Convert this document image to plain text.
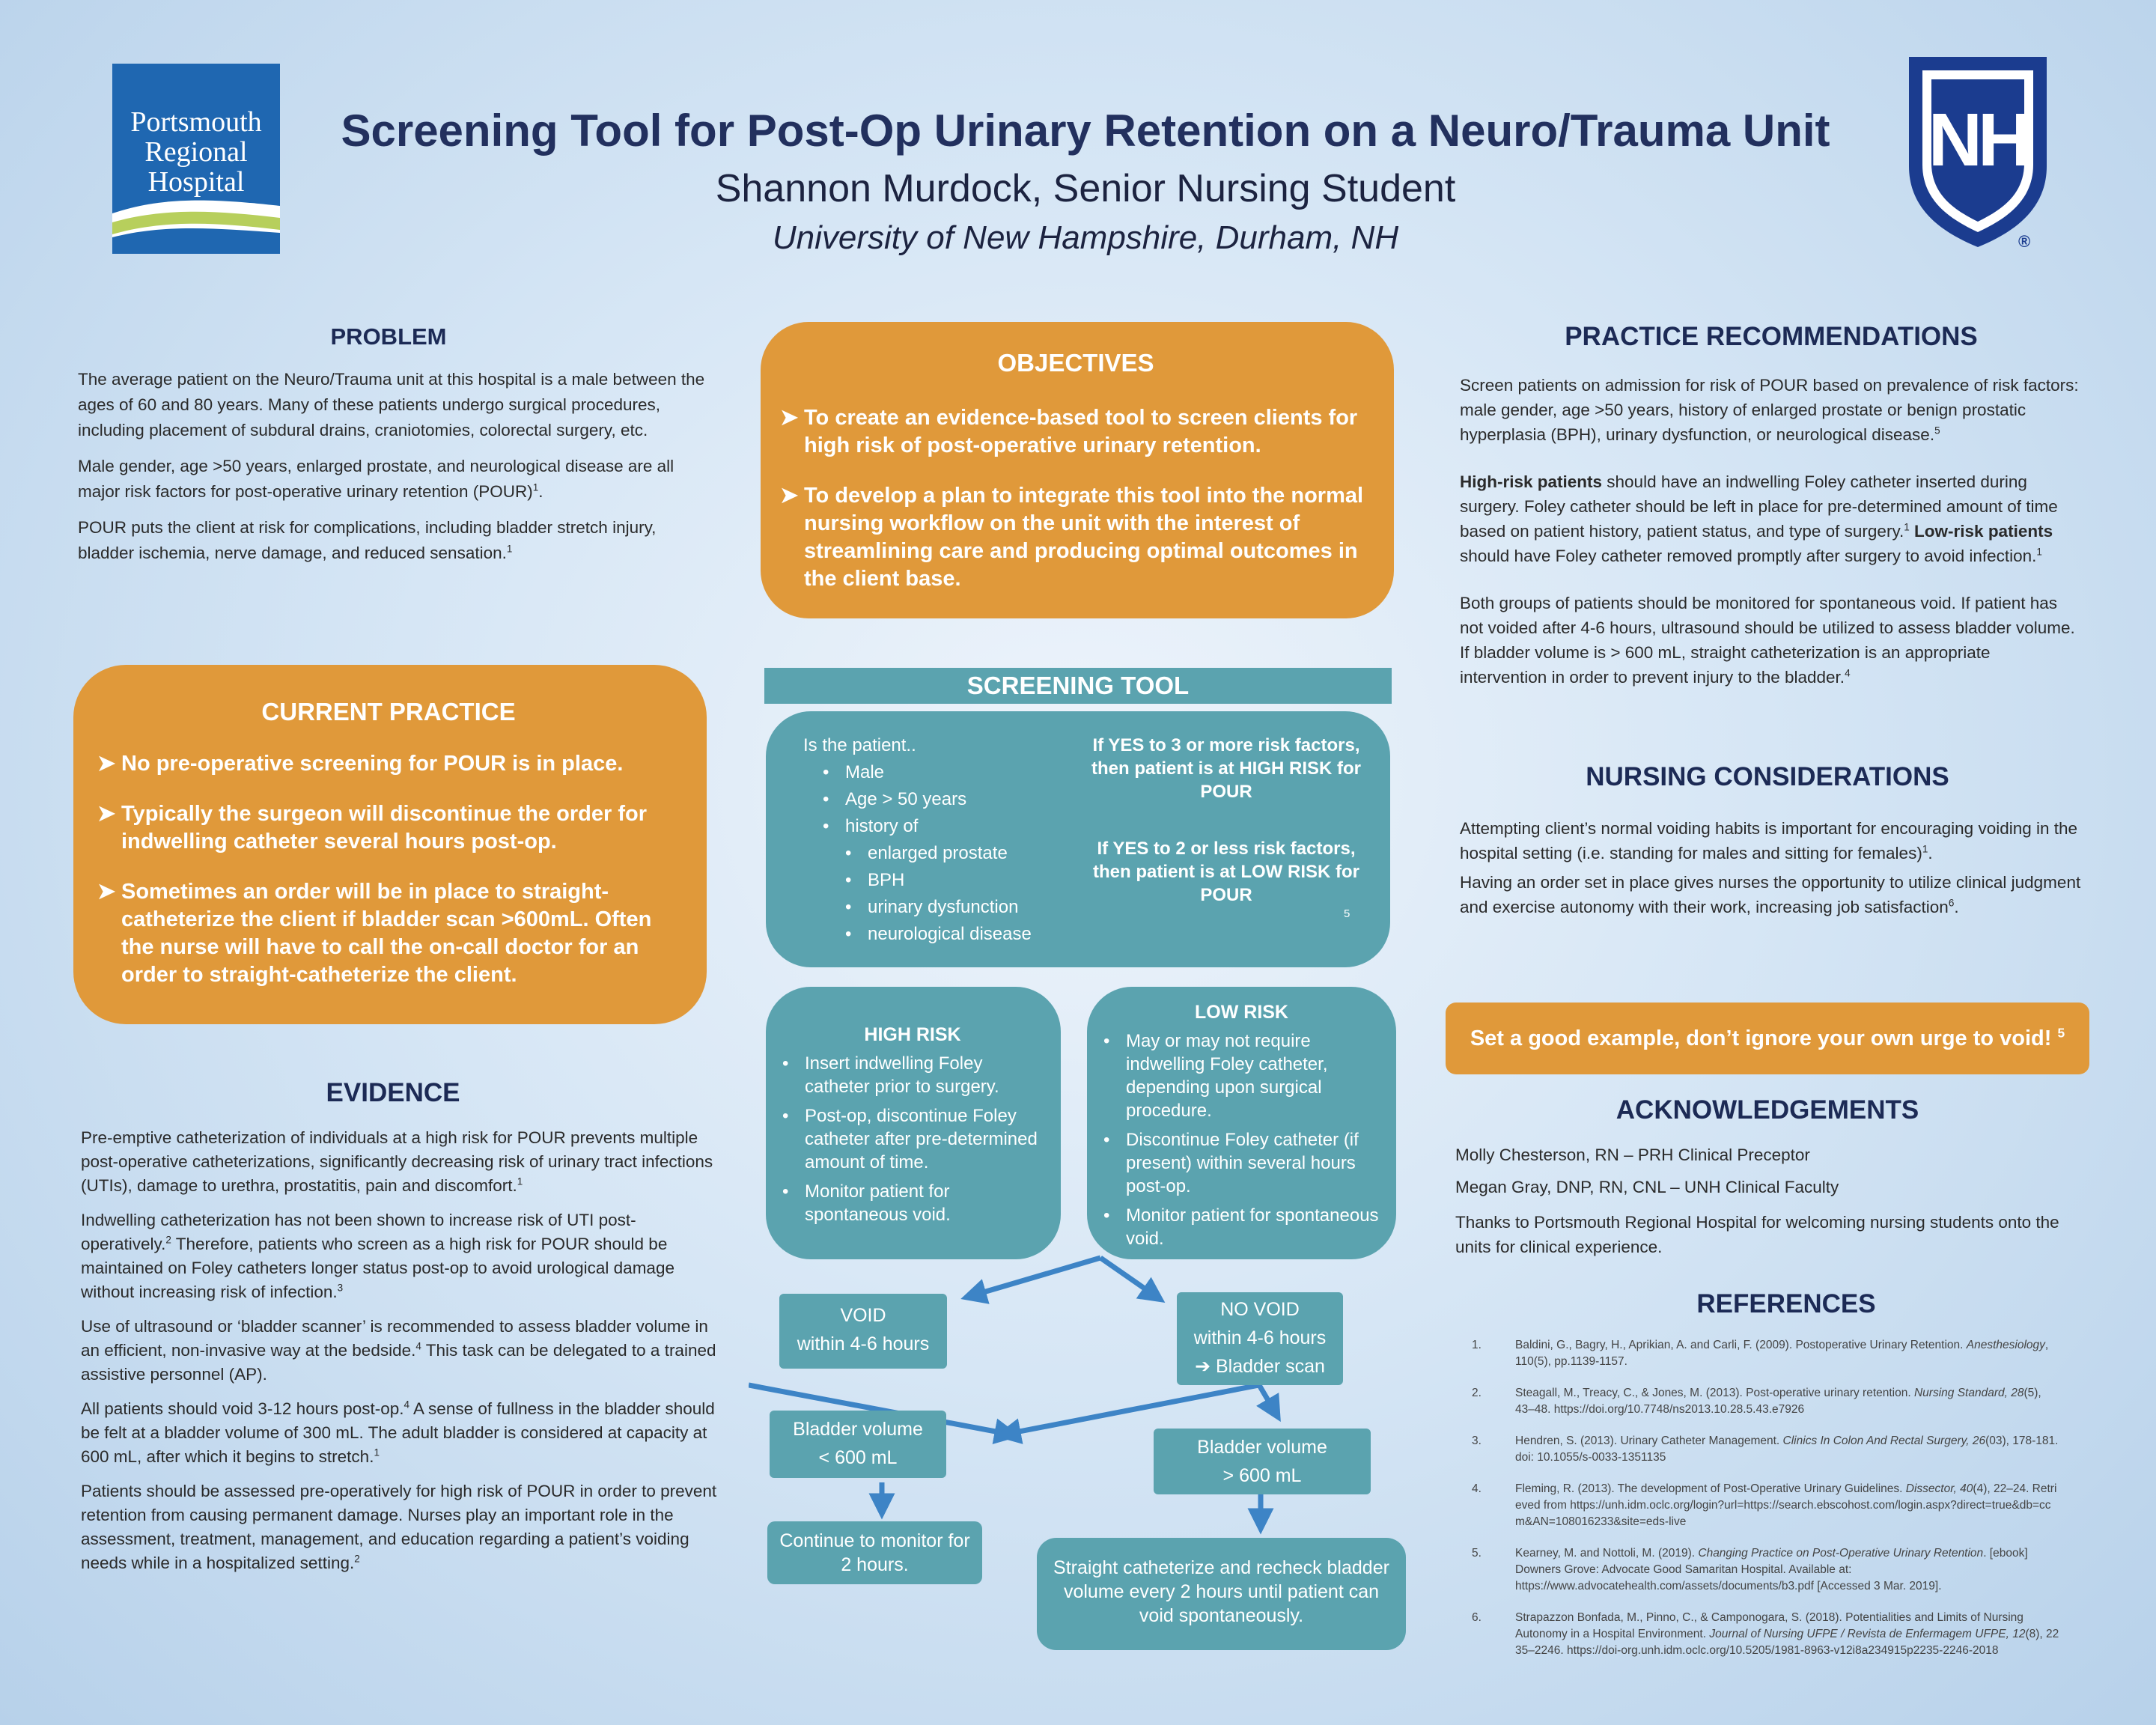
Portsmouth
Regional
Hospital	NH
®
Screening Tool for Post-Op Urinary Retention on a Neuro/Trauma Unit
Shannon Murdock, Senior Nursing Student
University of New Hampshire, Durham, NH
PROBLEM

The average patient on the Neuro/Trauma unit at this hospital is a male between the ages of 60 and 80 years. Many of these patients undergo surgical procedures, including placement of subdural drains, craniotomies, colorectal surgery, etc.

Male gender, age >50 years, enlarged prostate, and neurological disease are all major risk factors for post-operative urinary retention (POUR)$^1$.

POUR puts the client at risk for complications, including bladder stretch injury, bladder ischemia, nerve damage, and reduced sensation.$^1$

CURRENT PRACTICE
➤ No pre-operative screening for POUR is in place.
➤ Typically the surgeon will discontinue the order for indwelling catheter several hours post-op.
➤ Sometimes an order will be in place to straight-catheterize the client if bladder scan >600mL. Often the nurse will have to call the on-call doctor for an order to straight-catheterize the client.
EVIDENCE

Pre-emptive catheterization of individuals at a high risk for POUR prevents multiple post-operative catheterizations, significantly decreasing risk of urinary tract infections (UTIs), damage to urethra, prostatitis, pain and discomfort.$^1$

Indwelling catheterization has not been shown to increase risk of UTI post-operatively.$^2$ Therefore, patients who screen as a high risk for POUR should be maintained on Foley catheters longer status post-op to avoid urological damage without increasing risk of infection.$^3$

Use of ultrasound or ‘bladder scanner’ is recommended to assess bladder volume in an efficient, non-invasive way at the bedside.$^4$ This task can be delegated to a trained assistive personnel (AP).

All patients should void 3-12 hours post-op.$^4$ A sense of fullness in the bladder should be felt at a bladder volume of 300 mL. The adult bladder is considered at capacity at 600 mL, after which it begins to stretch.$^1$

Patients should be assessed pre-operatively for high risk of POUR in order to prevent retention from causing permanent damage. Nurses play an important role in the assessment, treatment, management, and education regarding a patient’s voiding needs while in a hospitalized setting.$^2$

OBJECTIVES
➤ To create an evidence-based tool to screen clients for high risk of post-operative urinary retention.
➤ To develop a plan to integrate this tool into the normal nursing workflow on the unit with the interest of streamlining care and producing optimal outcomes in the client base.
SCREENING TOOL
Is the patient..
• Male
• Age > 50 years
• history of
• enlarged prostate
• BPH
• urinary dysfunction
• neurological disease
If YES to 3 or more risk factors, then patient is at HIGH RISK for POUR
If YES to 2 or less risk factors, then patient is at LOW RISK for POUR
5
HIGH RISK
• Insert indwelling Foley catheter prior to surgery.
• Post-op, discontinue Foley catheter after pre-determined amount of time.
• Monitor patient for spontaneous void.
LOW RISK
• May or may not require indwelling Foley catheter, depending upon surgical procedure.
• Discontinue Foley catheter (if present) within several hours post-op.
• Monitor patient for spontaneous void.
VOID
within 4-6 hours
NO VOID
within 4-6 hours
➔ Bladder scan
Bladder volume
< 600 mL	Bladder volume
> 600 mL
Continue to monitor for 2 hours.	Straight catheterize and recheck bladder volume every 2 hours until patient can void spontaneously.
PRACTICE RECOMMENDATIONS

Screen patients on admission for risk of POUR based on prevalence of risk factors: male gender, age >50 years, history of enlarged prostate or benign prostatic hyperplasia (BPH), urinary dysfunction, or neurological disease.$^5$

High-risk patients should have an indwelling Foley catheter inserted during surgery. Foley catheter should be left in place for pre-determined amount of time based on patient history, patient status, and type of surgery.$^1$ Low-risk patients should have Foley catheter removed promptly after surgery to avoid infection.$^1$

Both groups of patients should be monitored for spontaneous void. If patient has not voided after 4-6 hours, ultrasound should be utilized to assess bladder volume. If bladder volume is > 600 mL, straight catheterization is an appropriate intervention in order to prevent injury to the bladder.$^4$

NURSING CONSIDERATIONS

Attempting client’s normal voiding habits is important for encouraging voiding in the hospital setting (i.e. standing for males and sitting for females)$^1$.

Having an order set in place gives nurses the opportunity to utilize clinical judgment and exercise autonomy with their work, increasing job satisfaction$^6$.

Set a good example, don’t ignore your own urge to void! $^5$
ACKNOWLEDGEMENTS

Molly Chesterson, RN – PRH Clinical Preceptor

Megan Gray, DNP, RN, CNL – UNH Clinical Faculty

Thanks to Portsmouth Regional Hospital for welcoming nursing students onto the units for clinical experience.

REFERENCES
1.	Baldini, G., Bagry, H., Aprikian, A. and Carli, F. (2009). Postoperative Urinary Retention. Anesthesiology, 110(5), pp.1139-1157.
2.	Steagall, M., Treacy, C., & Jones, M. (2013). Post-operative urinary retention. Nursing Standard, 28(5), 43–48. https://doi.org/10.7748/ns2013.10.28.5.43.e7926
3.	Hendren, S. (2013). Urinary Catheter Management. Clinics In Colon And Rectal Surgery, 26(03), 178-181. doi: 10.1055/s-0033-1351135
4.	Fleming, R. (2013). The development of Post-Operative Urinary Guidelines. Dissector, 40(4), 22–24. Retrieved from https://unh.idm.oclc.org/login?url=https://search.ebscohost.com/login.aspx?direct=true&db=ccm&AN=108016233&site=eds-live
5.	Kearney, M. and Nottoli, M. (2019). Changing Practice on Post-Operative Urinary Retention. [ebook] Downers Grove: Advocate Good Samaritan Hospital. Available at: https://www.advocatehealth.com/assets/documents/b3.pdf [Accessed 3 Mar. 2019].
6.	Strapazzon Bonfada, M., Pinno, C., & Camponogara, S. (2018). Potentialities and Limits of Nursing Autonomy in a Hospital Environment. Journal of Nursing UFPE / Revista de Enfermagem UFPE, 12(8), 2235–2246. https://doi-org.unh.idm.oclc.org/10.5205/1981-8963-v12i8a234915p2235-2246-2018
